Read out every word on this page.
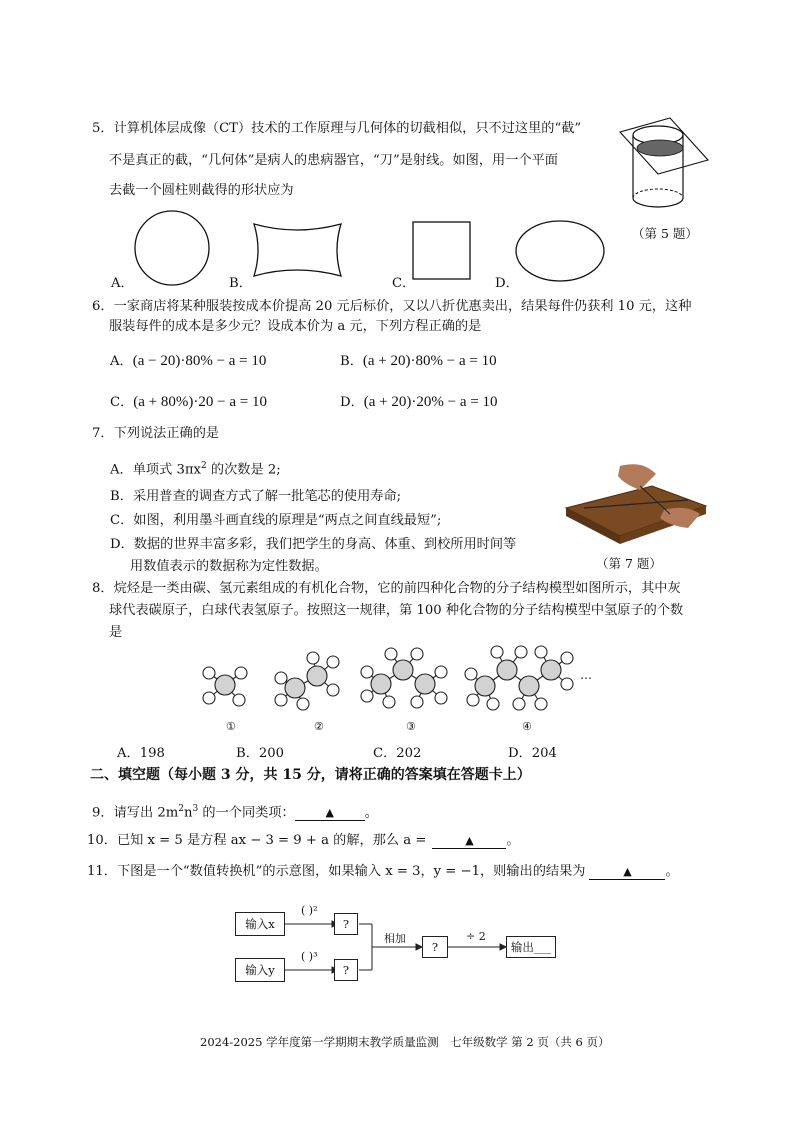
5．计算机体层成像（CT）技术的工作原理与几何体的切截相似，只不过这里的“截”
不是真正的截，“几何体”是病人的患病器官，“刀”是射线。如图，用一个平面
去截一个圆柱则截得的形状应为
（第 5 题）
A．	B．	C．	D．
6．一家商店将某种服装按成本价提高 20 元后标价，又以八折优惠卖出，结果每件仍获利 10 元，这种
服装每件的成本是多少元？设成本价为 a 元，下列方程正确的是
A．(a − 20)·80% − a = 10	B．(a + 20)·80% − a = 10
C．(a + 80%)·20 − a = 10	D．(a + 20)·20% − a = 10
7．下列说法正确的是
A．单项式 $3\pi x^2$ 的次数是 2;
B．采用普查的调查方式了解一批笔芯的使用寿命;
C．如图，利用墨斗画直线的原理是“两点之间直线最短”;
D．数据的世界丰富多彩，我们把学生的身高、体重、到校所用时间等
用数值表示的数据称为定性数据。	（第 7 题）
8．烷烃是一类由碳、氢元素组成的有机化合物，它的前四种化合物的分子结构模型如图所示，其中灰
球代表碳原子，白球代表氢原子。按照这一规律，第 100 种化合物的分子结构模型中氢原子的个数
是
…
①	②	③	④
A．198	B．200	C．202	D．204
二、填空题（每小题 3 分，共 15 分，请将正确的答案填在答题卡上）
9．请写出 $2m^2n^3$ 的一个同类项：	▲ 。
10．已知 x = 5 是方程 ax − 3 = 9 + a 的解，那么 a =	▲ 。
11．下图是一个“数值转换机”的示意图，如果输入 x = 3，y = −1，则输出的结果为	▲	。
输入x
输入y
( )²
( )³
?
?
相加
?
÷ 2
输出___
2024-2025 学年度第一学期期末教学质量监测　七年级数学 第 2 页（共 6 页）
